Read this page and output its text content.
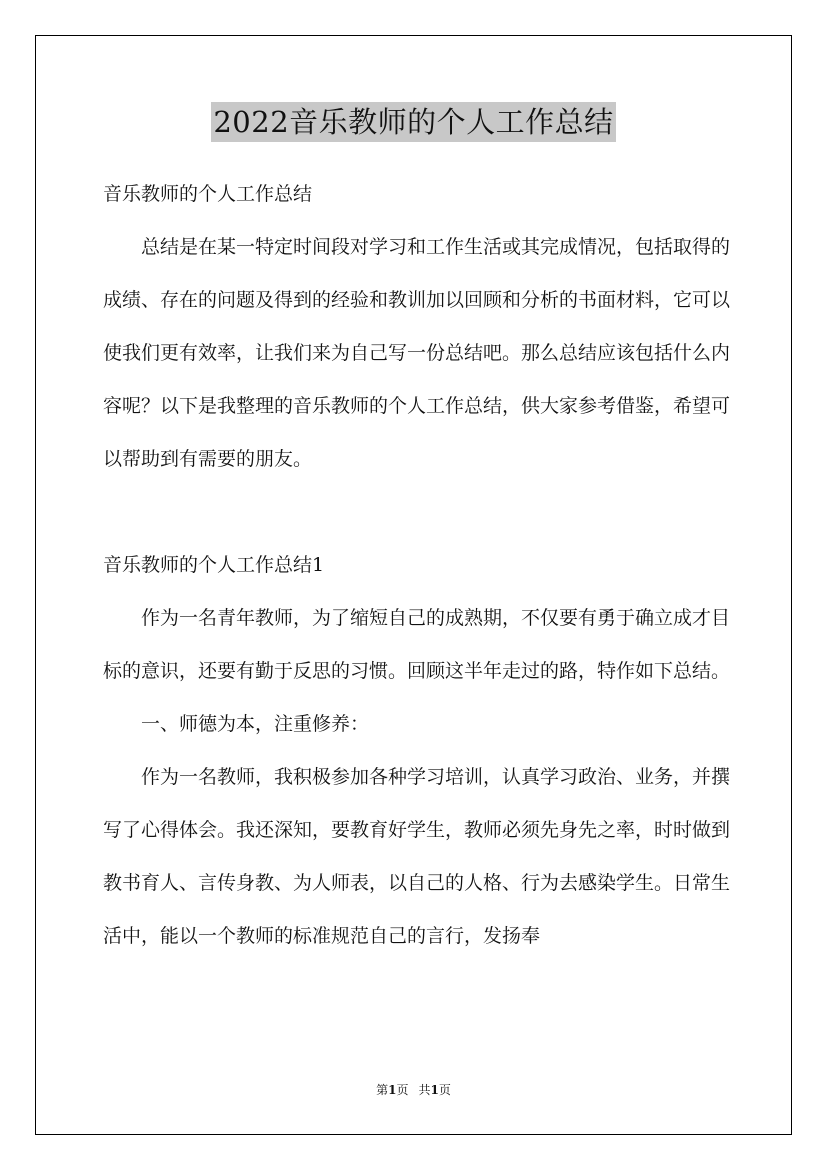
2022音乐教师的个人工作总结

音乐教师的个人工作总结

总结是在某一特定时间段对学习和工作生活或其完成情况，包括取得的成绩、存在的问题及得到的经验和教训加以回顾和分析的书面材料，它可以使我们更有效率，让我们来为自己写一份总结吧。那么总结应该包括什么内容呢？以下是我整理的音乐教师的个人工作总结，供大家参考借鉴，希望可以帮助到有需要的朋友。

音乐教师的个人工作总结1

作为一名青年教师，为了缩短自己的成熟期，不仅要有勇于确立成才目标的意识，还要有勤于反思的习惯。回顾这半年走过的路，特作如下总结。

一、师德为本，注重修养：

作为一名教师，我积极参加各种学习培训，认真学习政治、业务，并撰写了心得体会。我还深知，要教育好学生，教师必须先身先之率，时时做到教书育人、言传身教、为人师表，以自己的人格、行为去感染学生。日常生活中，能以一个教师的标准规范自己的言行，发扬奉

第1页 共1页
